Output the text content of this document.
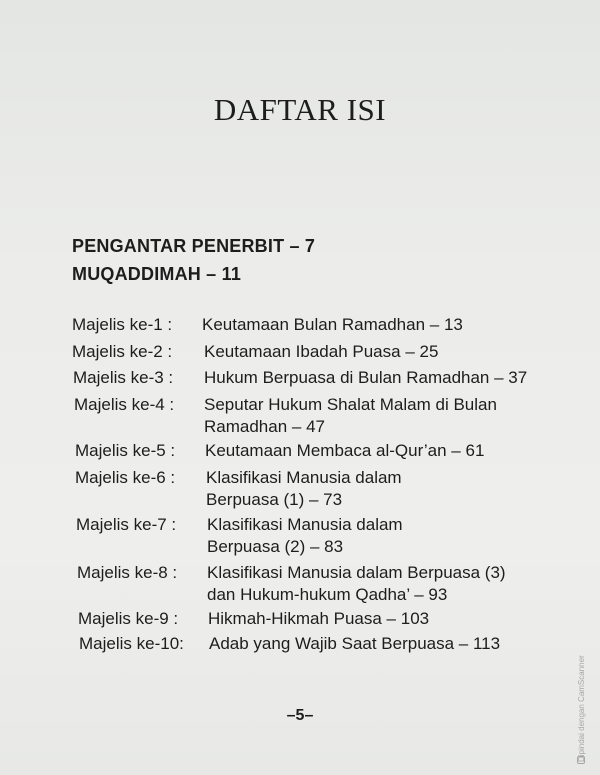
DAFTAR ISI
PENGANTAR PENERBIT – 7
MUQADDIMAH – 11
Majelis ke-1 : Keutamaan Bulan Ramadhan – 13
Majelis ke-2 : Keutamaan Ibadah Puasa – 25
Majelis ke-3 : Hukum Berpuasa di Bulan Ramadhan – 37
Majelis ke-4 : Seputar Hukum Shalat Malam di Bulan
Ramadhan – 47
Majelis ke-5 : Keutamaan Membaca al-Qur’an – 61
Majelis ke-6 : Klasifikasi Manusia dalam
Berpuasa (1) – 73
Majelis ke-7 : Klasifikasi Manusia dalam
Berpuasa (2) – 83
Majelis ke-8 : Klasifikasi Manusia dalam Berpuasa (3)
dan Hukum-hukum Qadha’ – 93
Majelis ke-9 : Hikmah-Hikmah Puasa – 103
Majelis ke-10: Adab yang Wajib Saat Berpuasa – 113
–5–	Dipindai dengan CamScanner
